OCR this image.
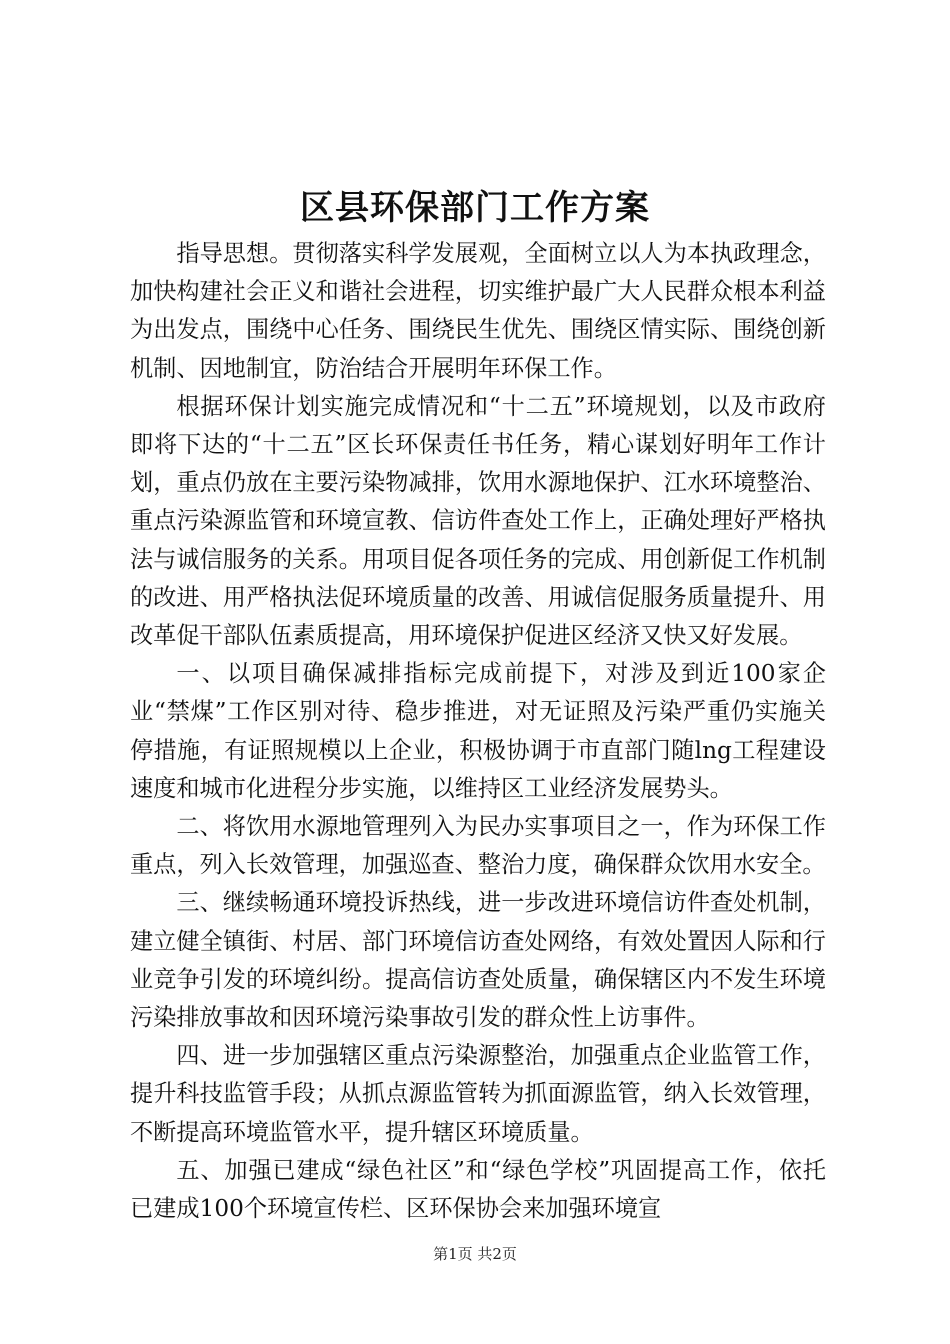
区县环保部门工作方案

指导思想。贯彻落实科学发展观，全面树立以人为本执政理念，加快构建社会正义和谐社会进程，切实维护最广大人民群众根本利益为出发点，围绕中心任务、围绕民生优先、围绕区情实际、围绕创新机制、因地制宜，防治结合开展明年环保工作。

根据环保计划实施完成情况和“十二五”环境规划，以及市政府即将下达的“十二五”区长环保责任书任务，精心谋划好明年工作计划，重点仍放在主要污染物减排，饮用水源地保护、江水环境整治、重点污染源监管和环境宣教、信访件查处工作上，正确处理好严格执法与诚信服务的关系。用项目促各项任务的完成、用创新促工作机制的改进、用严格执法促环境质量的改善、用诚信促服务质量提升、用改革促干部队伍素质提高，用环境保护促进区经济又快又好发展。

一、以项目确保减排指标完成前提下，对涉及到近100家企业“禁煤”工作区别对待、稳步推进，对无证照及污染严重仍实施关停措施，有证照规模以上企业，积极协调于市直部门随lng工程建设速度和城市化进程分步实施，以维持区工业经济发展势头。

二、将饮用水源地管理列入为民办实事项目之一，作为环保工作重点，列入长效管理，加强巡查、整治力度，确保群众饮用水安全。

三、继续畅通环境投诉热线，进一步改进环境信访件查处机制，建立健全镇街、村居、部门环境信访查处网络，有效处置因人际和行业竞争引发的环境纠纷。提高信访查处质量，确保辖区内不发生环境污染排放事故和因环境污染事故引发的群众性上访事件。

四、进一步加强辖区重点污染源整治，加强重点企业监管工作，提升科技监管手段；从抓点源监管转为抓面源监管，纳入长效管理，不断提高环境监管水平，提升辖区环境质量。

五、加强已建成“绿色社区”和“绿色学校”巩固提高工作，依托已建成100个环境宣传栏、区环保协会来加强环境宣

第1页 共2页
